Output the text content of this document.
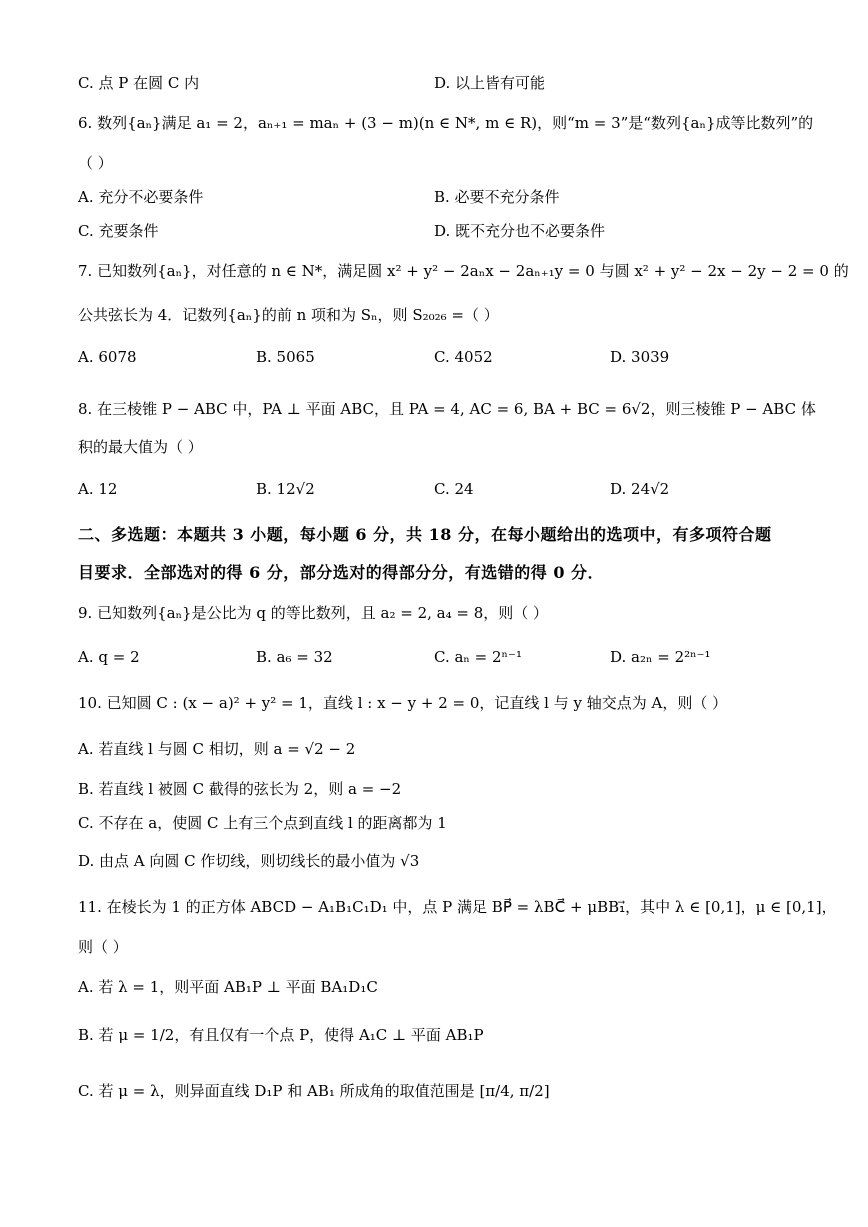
C. 点 P 在圆 C 内	D. 以上皆有可能
6. 数列{aₙ}满足 a₁ = 2，aₙ₊₁ = maₙ + (3 − m)(n ∈ N*, m ∈ R)，则“m = 3”是“数列{aₙ}成等比数列”的
（ ）
A. 充分不必要条件	B. 必要不充分条件
C. 充要条件	D. 既不充分也不必要条件
7. 已知数列{aₙ}，对任意的 n ∈ N*，满足圆 x² + y² − 2aₙx − 2aₙ₊₁y = 0 与圆 x² + y² − 2x − 2y − 2 = 0 的
公共弦长为 4．记数列{aₙ}的前 n 项和为 Sₙ，则 S₂₀₂₆ =（ ）
A. 6078	B. 5065	C. 4052	D. 3039
8. 在三棱锥 P − ABC 中，PA ⊥ 平面 ABC，且 PA = 4, AC = 6, BA + BC = 6√2，则三棱锥 P − ABC 体
积的最大值为（ ）
A. 12	B. 12√2	C. 24	D. 24√2
二、多选题：本题共 3 小题，每小题 6 分，共 18 分，在每小题给出的选项中，有多项符合题
目要求．全部选对的得 6 分，部分选对的得部分分，有选错的得 0 分．
9. 已知数列{aₙ}是公比为 q 的等比数列，且 a₂ = 2, a₄ = 8，则（ ）
A. q = 2	B. a₆ = 32	C. aₙ = 2ⁿ⁻¹	D. a₂ₙ = 2²ⁿ⁻¹
10. 已知圆 C : (x − a)² + y² = 1，直线 l : x − y + 2 = 0，记直线 l 与 y 轴交点为 A，则（ ）
A. 若直线 l 与圆 C 相切，则 a = √2 − 2
B. 若直线 l 被圆 C 截得的弦长为 2，则 a = −2
C. 不存在 a，使圆 C 上有三个点到直线 l 的距离都为 1
D. 由点 A 向圆 C 作切线，则切线长的最小值为 √3
11. 在棱长为 1 的正方体 ABCD − A₁B₁C₁D₁ 中，点 P 满足 BP⃗ = λBC⃗ + μBB₁⃗，其中 λ ∈ [0,1]，μ ∈ [0,1]，
则（ ）
A. 若 λ = 1，则平面 AB₁P ⊥ 平面 BA₁D₁C
B. 若 μ = 1/2，有且仅有一个点 P，使得 A₁C ⊥ 平面 AB₁P
C. 若 μ = λ，则异面直线 D₁P 和 AB₁ 所成角的取值范围是 [π/4, π/2]
